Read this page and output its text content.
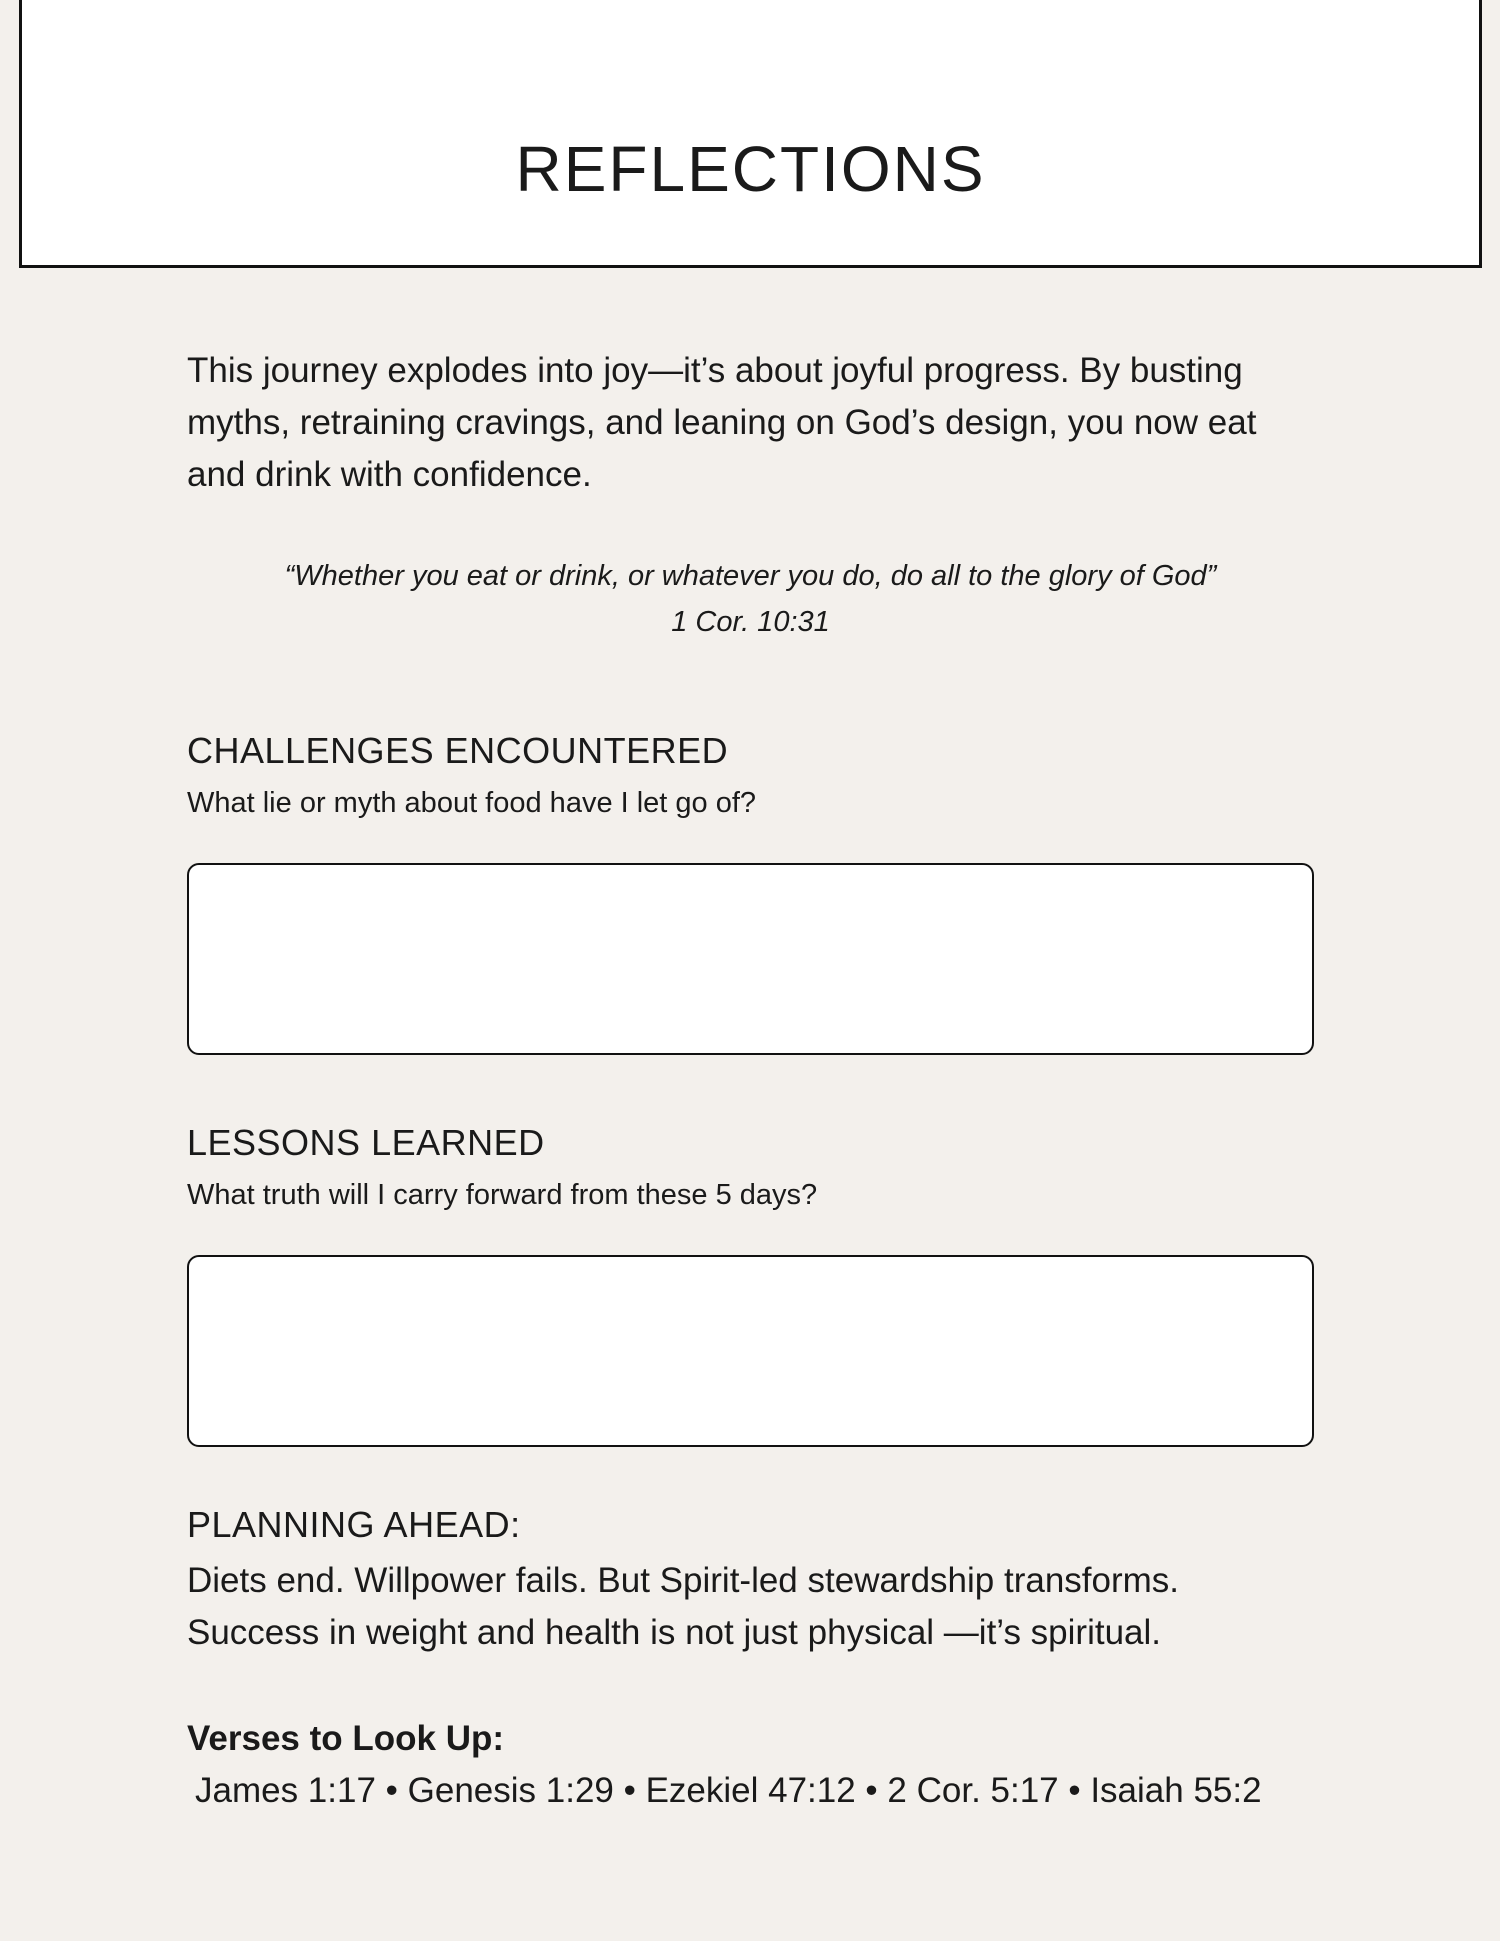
REFLECTIONS

This journey explodes into joy—it’s about joyful progress. By busting myths, retraining cravings, and leaning on God’s design, you now eat and drink with confidence.

“Whether you eat or drink, or whatever you do, do all to the glory of God”
1 Cor. 10:31
CHALLENGES ENCOUNTERED

What lie or myth about food have I let go of?

LESSONS LEARNED

What truth will I carry forward from these 5 days?

PLANNING AHEAD:

Diets end. Willpower fails. But Spirit-led stewardship transforms. Success in weight and health is not just physical —it’s spiritual.

Verses to Look Up:

James 1:17 • Genesis 1:29 • Ezekiel 47:12 • 2 Cor. 5:17 • Isaiah 55:2
